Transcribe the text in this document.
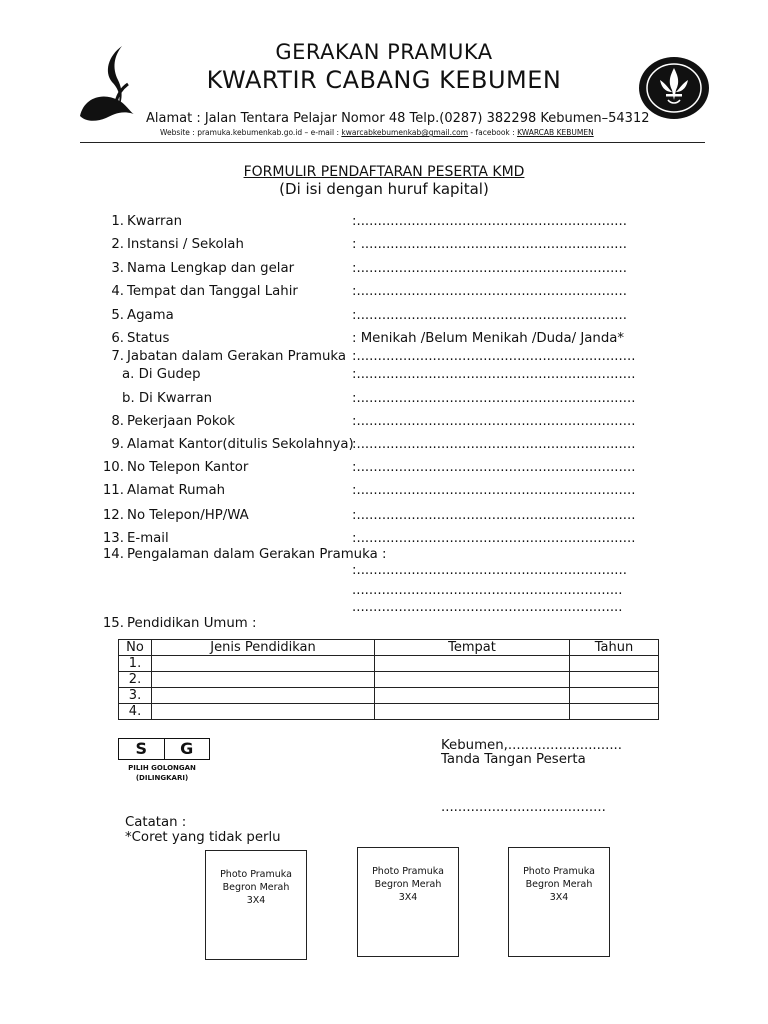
GERAKAN PRAMUKA
KWARTIR CABANG KEBUMEN
Alamat : Jalan Tentara Pelajar Nomor 48 Telp.(0287) 382298 Kebumen–54312
Website : pramuka.kebumenkab.go.id – e-mail : kwarcabkebumenkab@gmail.com - facebook : KWARCAB KEBUMEN
FORMULIR PENDAFTARAN PESERTA KMD
(Di isi dengan huruf kapital)
1. Kwarran	:................................................................
2. Instansi / Sekolah	: ...............................................................
3. Nama Lengkap dan gelar	:................................................................
4. Tempat dan Tanggal Lahir	:................................................................
5. Agama	:................................................................
6. Status	: Menikah /Belum Menikah /Duda/ Janda*
7. Jabatan dalam Gerakan Pramuka :..................................................................
a. Di Gudep	:..................................................................
b. Di Kwarran	:..................................................................
8. Pekerjaan Pokok	:..................................................................
9. Alamat Kantor(ditulis Sekolahnya)
:..................................................................
10. No Telepon Kantor	:..................................................................
11. Alamat Rumah	:..................................................................
12. No Telepon/HP/WA	:..................................................................
13. E-mail	:..................................................................
14. Pengalaman dalam Gerakan Pramuka :
:................................................................
................................................................
................................................................
15. Pendidikan Umum :
No	Jenis Pendidikan	Tempat	Tahun
1.			
2.			
3.			
4.			
S	G
PILIH GOLONGAN
(DILINGKARI)
Kebumen,...........................
Tanda Tangan Peserta
.......................................
Catatan :
*Coret yang tidak perlu
Photo Pramuka
Begron Merah
3X4
Photo Pramuka
Begron Merah
3X4
Photo Pramuka
Begron Merah
3X4
